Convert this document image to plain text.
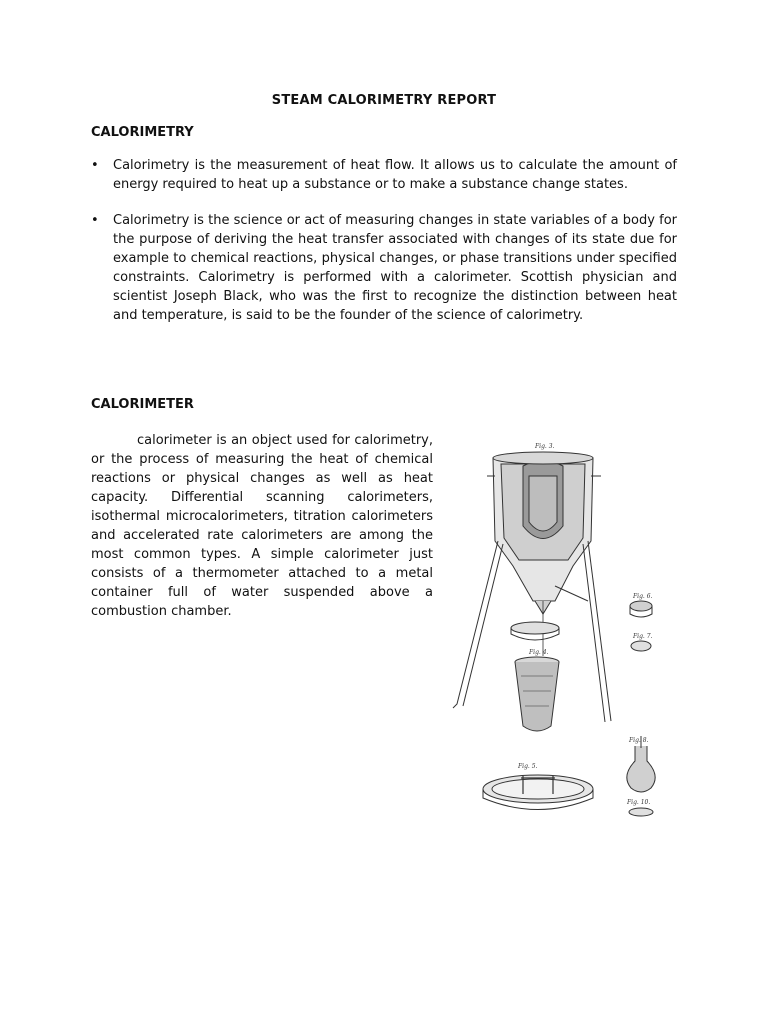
STEAM CALORIMETRY REPORT
CALORIMETRY
• Calorimetry is the measurement of heat flow. It allows us to calculate the amount of energy required to heat up a substance or to make a substance change states.
• Calorimetry is the science or act of measuring changes in state variables of a body for the purpose of deriving the heat transfer associated with changes of its state due for example to chemical reactions, physical changes, or phase transitions under specified constraints. Calorimetry is performed with a calorimeter. Scottish physician and scientist Joseph Black, who was the first to recognize the distinction between heat and temperature, is said to be the founder of the science of calorimetry.
CALORIMETER

calorimeter is an object used for calorimetry, or the process of measuring the heat of chemical reactions or physical changes as well as heat capacity. Differential scanning calorimeters, isothermal microcalorimeters, titration calorimeters and accelerated rate calorimeters are among the most common types. A simple calorimeter just consists of a thermometer attached to a metal container full of water suspended above a combustion chamber.

Fig. 3.
Fig. 4.
Fig. 5.
Fig. 6.
Fig. 7.
Fig. 8.
Fig. 10.
